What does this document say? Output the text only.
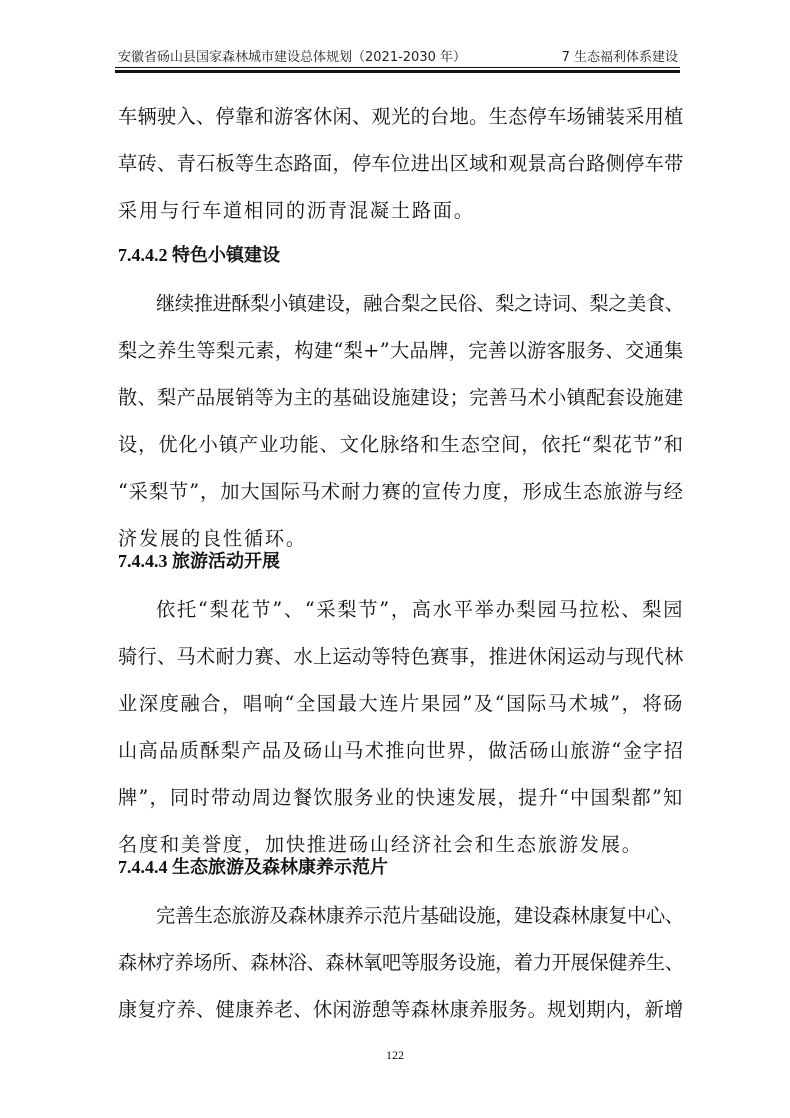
安徽省砀山县国家森林城市建设总体规划（2021-2030 年）	7 生态福利体系建设
车辆驶入、停靠和游客休闲、观光的台地。生态停车场铺装采用植
草砖、青石板等生态路面，停车位进出区域和观景高台路侧停车带
采用与行车道相同的沥青混凝土路面。
7.4.4.2 特色小镇建设
继续推进酥梨小镇建设，融合梨之民俗、梨之诗词、梨之美食、
梨之养生等梨元素，构建“梨+”大品牌，完善以游客服务、交通集
散、梨产品展销等为主的基础设施建设；完善马术小镇配套设施建
设，优化小镇产业功能、文化脉络和生态空间，依托“梨花节”和
“采梨节”，加大国际马术耐力赛的宣传力度，形成生态旅游与经
济发展的良性循环。
7.4.4.3 旅游活动开展
依托“梨花节”、“采梨节”，高水平举办梨园马拉松、梨园
骑行、马术耐力赛、水上运动等特色赛事，推进休闲运动与现代林
业深度融合，唱响“全国最大连片果园”及“国际马术城”，将砀
山高品质酥梨产品及砀山马术推向世界，做活砀山旅游“金字招
牌”，同时带动周边餐饮服务业的快速发展，提升“中国梨都”知
名度和美誉度，加快推进砀山经济社会和生态旅游发展。
7.4.4.4 生态旅游及森林康养示范片
完善生态旅游及森林康养示范片基础设施，建设森林康复中心、
森林疗养场所、森林浴、森林氧吧等服务设施，着力开展保健养生、
康复疗养、健康养老、休闲游憩等森林康养服务。规划期内，新增
122
